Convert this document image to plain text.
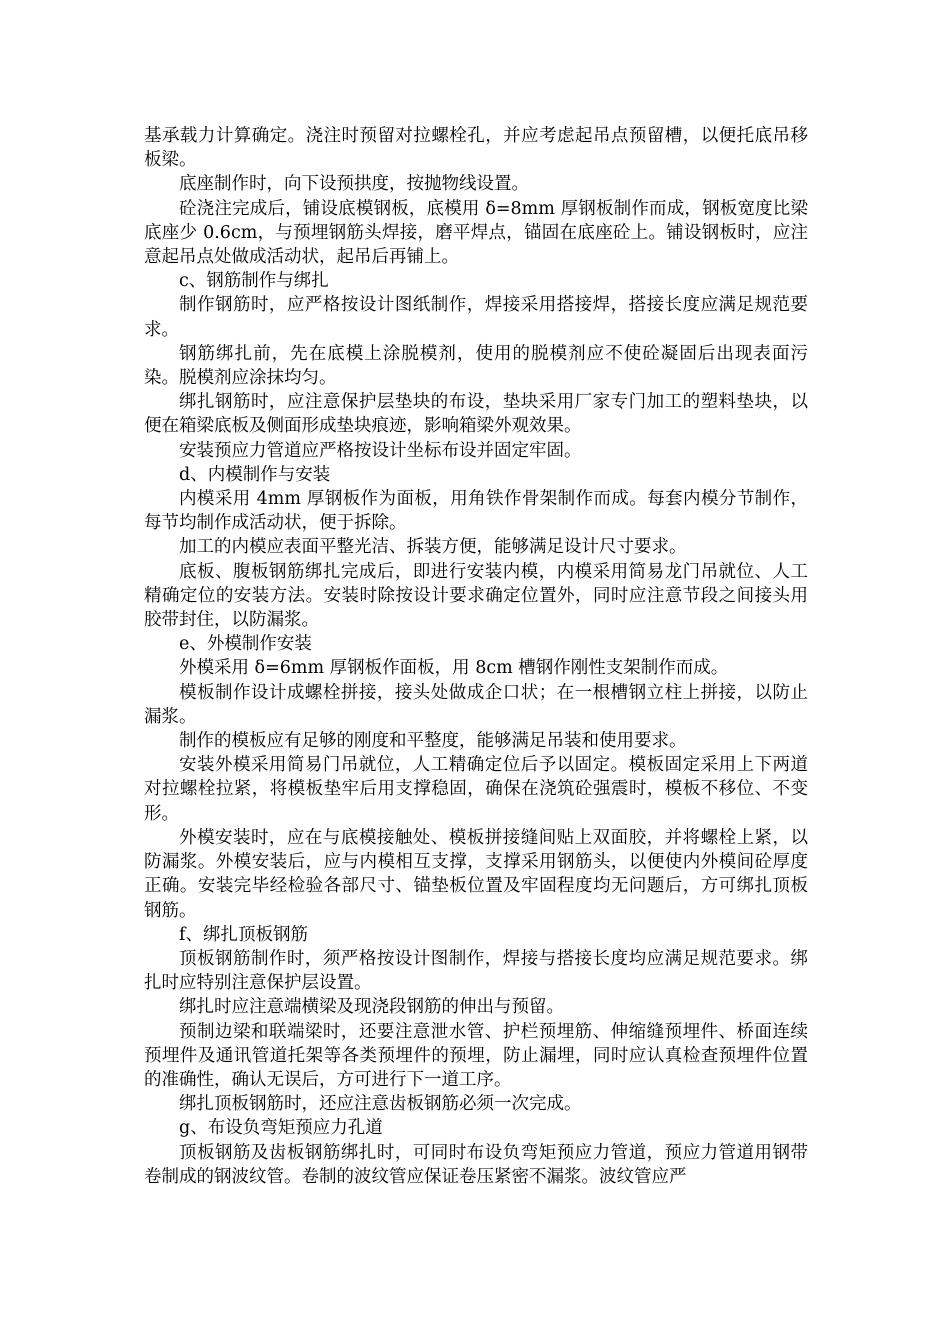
基承载力计算确定。浇注时预留对拉螺栓孔，并应考虑起吊点预留槽，以便托底吊移板梁。

底座制作时，向下设预拱度，按抛物线设置。

砼浇注完成后，铺设底模钢板，底模用 δ=8mm 厚钢板制作而成，钢板宽度比梁底座少 0.6cm，与预埋钢筋头焊接，磨平焊点，锚固在底座砼上。铺设钢板时，应注意起吊点处做成活动状，起吊后再铺上。

c、钢筋制作与绑扎

制作钢筋时，应严格按设计图纸制作，焊接采用搭接焊，搭接长度应满足规范要求。

钢筋绑扎前，先在底模上涂脱模剂，使用的脱模剂应不使砼凝固后出现表面污染。脱模剂应涂抹均匀。

绑扎钢筋时，应注意保护层垫块的布设，垫块采用厂家专门加工的塑料垫块，以便在箱梁底板及侧面形成垫块痕迹，影响箱梁外观效果。

安装预应力管道应严格按设计坐标布设并固定牢固。

d、内模制作与安装

内模采用 4mm 厚钢板作为面板，用角铁作骨架制作而成。每套内模分节制作，每节均制作成活动状，便于拆除。

加工的内模应表面平整光洁、拆装方便，能够满足设计尺寸要求。

底板、腹板钢筋绑扎完成后，即进行安装内模，内模采用简易龙门吊就位、人工精确定位的安装方法。安装时除按设计要求确定位置外，同时应注意节段之间接头用胶带封住，以防漏浆。

e、外模制作安装

外模采用 δ=6mm 厚钢板作面板，用 8cm 槽钢作刚性支架制作而成。

模板制作设计成螺栓拼接，接头处做成企口状；在一根槽钢立柱上拼接，以防止漏浆。

制作的模板应有足够的刚度和平整度，能够满足吊装和使用要求。

安装外模采用简易门吊就位，人工精确定位后予以固定。模板固定采用上下两道对拉螺栓拉紧，将模板垫牢后用支撑稳固，确保在浇筑砼强震时，模板不移位、不变形。

外模安装时，应在与底模接触处、模板拼接缝间贴上双面胶，并将螺栓上紧，以防漏浆。外模安装后，应与内模相互支撑，支撑采用钢筋头，以便使内外模间砼厚度正确。安装完毕经检验各部尺寸、锚垫板位置及牢固程度均无问题后，方可绑扎顶板钢筋。

f、绑扎顶板钢筋

顶板钢筋制作时，须严格按设计图制作，焊接与搭接长度均应满足规范要求。绑扎时应特别注意保护层设置。

绑扎时应注意端横梁及现浇段钢筋的伸出与预留。

预制边梁和联端梁时，还要注意泄水管、护栏预埋筋、伸缩缝预埋件、桥面连续预埋件及通讯管道托架等各类预埋件的预埋，防止漏埋，同时应认真检查预埋件位置的准确性，确认无误后，方可进行下一道工序。

绑扎顶板钢筋时，还应注意齿板钢筋必须一次完成。

g、布设负弯矩预应力孔道

顶板钢筋及齿板钢筋绑扎时，可同时布设负弯矩预应力管道，预应力管道用钢带卷制成的钢波纹管。卷制的波纹管应保证卷压紧密不漏浆。波纹管应严
